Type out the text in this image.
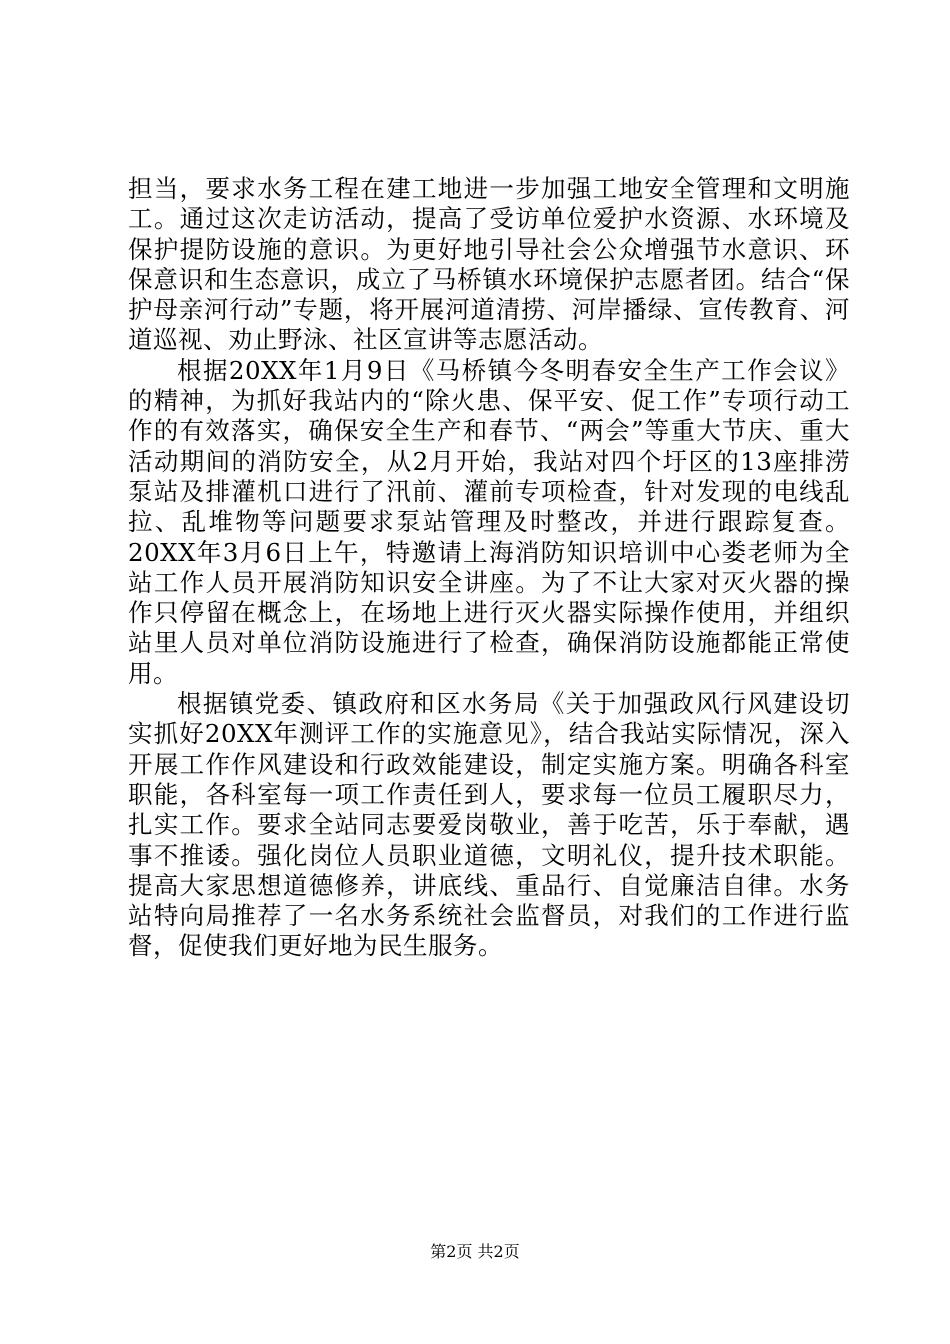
担当，要求水务工程在建工地进一步加强工地安全管理和文明施工。通过这次走访活动，提高了受访单位爱护水资源、水环境及保护提防设施的意识。为更好地引导社会公众增强节水意识、环保意识和生态意识，成立了马桥镇水环境保护志愿者团。结合“保护母亲河行动”专题，将开展河道清捞、河岸播绿、宣传教育、河道巡视、劝止野泳、社区宣讲等志愿活动。

根据20XX年1月9日《马桥镇今冬明春安全生产工作会议》的精神，为抓好我站内的“除火患、保平安、促工作”专项行动工作的有效落实，确保安全生产和春节、“两会”等重大节庆、重大活动期间的消防安全，从2月开始，我站对四个圩区的13座排涝泵站及排灌机口进行了汛前、灌前专项检查，针对发现的电线乱拉、乱堆物等问题要求泵站管理及时整改，并进行跟踪复查。20XX年3月6日上午，特邀请上海消防知识培训中心娄老师为全站工作人员开展消防知识安全讲座。为了不让大家对灭火器的操作只停留在概念上，在场地上进行灭火器实际操作使用，并组织站里人员对单位消防设施进行了检查，确保消防设施都能正常使用。

根据镇党委、镇政府和区水务局《关于加强政风行风建设切实抓好20XX年测评工作的实施意见》，结合我站实际情况，深入开展工作作风建设和行政效能建设，制定实施方案。明确各科室职能，各科室每一项工作责任到人，要求每一位员工履职尽力，扎实工作。要求全站同志要爱岗敬业，善于吃苦，乐于奉献，遇事不推诿。强化岗位人员职业道德，文明礼仪，提升技术职能。提高大家思想道德修养，讲底线、重品行、自觉廉洁自律。水务站特向局推荐了一名水务系统社会监督员，对我们的工作进行监督，促使我们更好地为民生服务。

第2页 共2页
